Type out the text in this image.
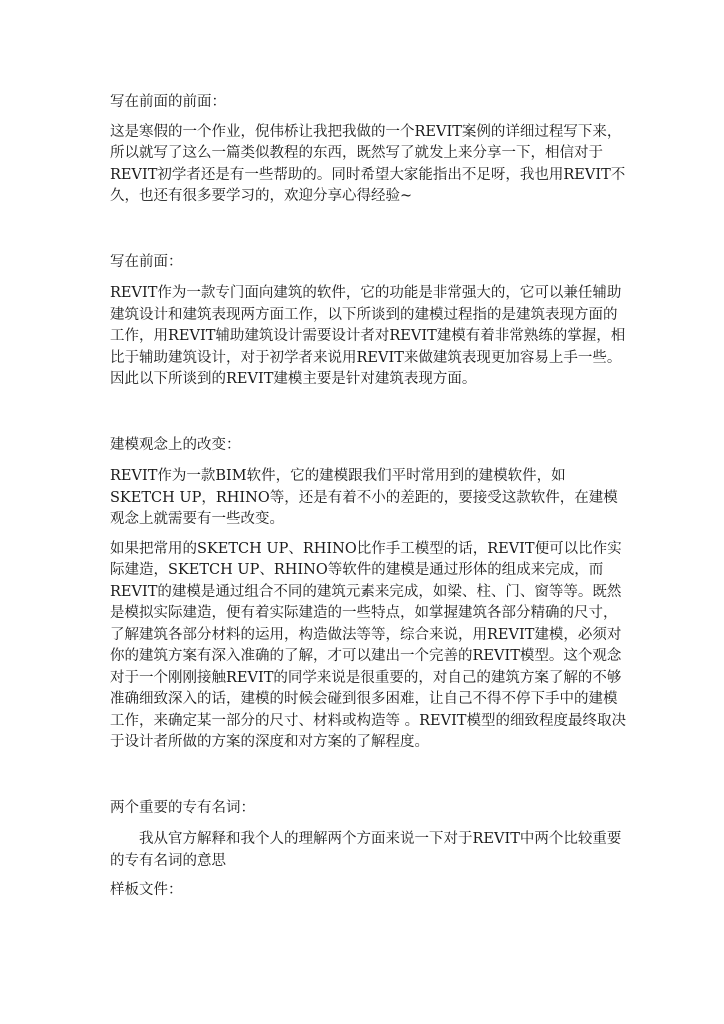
写在前面的前面：

这是寒假的一个作业，倪伟桥让我把我做的一个REVIT案例的详细过程写下来，所以就写了这么一篇类似教程的东西，既然写了就发上来分享一下，相信对于REVIT初学者还是有一些帮助的。同时希望大家能指出不足呀，我也用REVIT不久，也还有很多要学习的，欢迎分享心得经验~

写在前面：

REVIT作为一款专门面向建筑的软件，它的功能是非常强大的，它可以兼任辅助建筑设计和建筑表现两方面工作，以下所谈到的建模过程指的是建筑表现方面的工作，用REVIT辅助建筑设计需要设计者对REVIT建模有着非常熟练的掌握，相比于辅助建筑设计，对于初学者来说用REVIT来做建筑表现更加容易上手一些。因此以下所谈到的REVIT建模主要是针对建筑表现方面。

建模观念上的改变：

REVIT作为一款BIM软件，它的建模跟我们平时常用到的建模软件，如SKETCH UP，RHINO等，还是有着不小的差距的，要接受这款软件，在建模观念上就需要有一些改变。

如果把常用的SKETCH UP、RHINO比作手工模型的话，REVIT便可以比作实际建造，SKETCH UP、RHINO等软件的建模是通过形体的组成来完成，而REVIT的建模是通过组合不同的建筑元素来完成，如梁、柱、门、窗等等。既然是模拟实际建造，便有着实际建造的一些特点，如掌握建筑各部分精确的尺寸，了解建筑各部分材料的运用，构造做法等等，综合来说，用REVIT建模，必须对你的建筑方案有深入准确的了解，才可以建出一个完善的REVIT模型。这个观念对于一个刚刚接触REVIT的同学来说是很重要的，对自己的建筑方案了解的不够准确细致深入的话，建模的时候会碰到很多困难，让自己不得不停下手中的建模工作，来确定某一部分的尺寸、材料或构造等 。REVIT模型的细致程度最终取决于设计者所做的方案的深度和对方案的了解程度。

两个重要的专有名词：

我从官方解释和我个人的理解两个方面来说一下对于REVIT中两个比较重要的专有名词的意思

样板文件：
